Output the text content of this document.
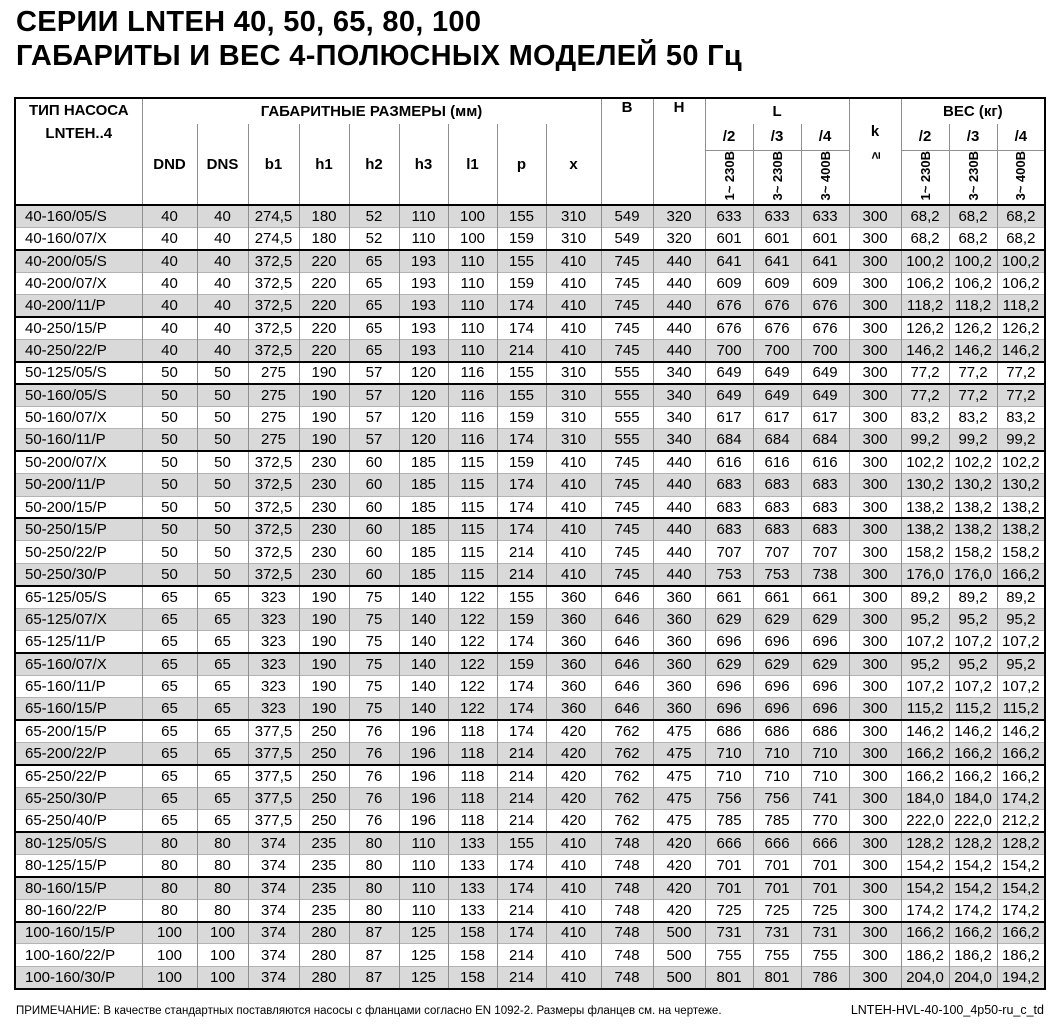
СЕРИИ LNTEH 40, 50, 65, 80, 100
ГАБАРИТЫ И ВЕС 4-ПОЛЮСНЫХ МОДЕЛЕЙ 50 Гц
ТИП НАСОСА
LNTEH..4
	ГАБАРИТНЫЕ РАЗМЕРЫ (мм)	B	H	L	
k
≥
	ВЕС (кг)
	DND	DNS	b1	h1	h2	h3	l1	p	x			/2	/3	/4		/2	/3	/4
												1~ 230В	3~ 230В	3~ 400В		1~ 230В	3~ 230В	3~ 400В
40-160/05/S	40	40	274,5	180	52	110	100	155	310	549	320	633	633	633	300	68,2	68,2	68,2
40-160/07/X	40	40	274,5	180	52	110	100	159	310	549	320	601	601	601	300	68,2	68,2	68,2
40-200/05/S	40	40	372,5	220	65	193	110	155	410	745	440	641	641	641	300	100,2	100,2	100,2
40-200/07/X	40	40	372,5	220	65	193	110	159	410	745	440	609	609	609	300	106,2	106,2	106,2
40-200/11/P	40	40	372,5	220	65	193	110	174	410	745	440	676	676	676	300	118,2	118,2	118,2
40-250/15/P	40	40	372,5	220	65	193	110	174	410	745	440	676	676	676	300	126,2	126,2	126,2
40-250/22/P	40	40	372,5	220	65	193	110	214	410	745	440	700	700	700	300	146,2	146,2	146,2
50-125/05/S	50	50	275	190	57	120	116	155	310	555	340	649	649	649	300	77,2	77,2	77,2
50-160/05/S	50	50	275	190	57	120	116	155	310	555	340	649	649	649	300	77,2	77,2	77,2
50-160/07/X	50	50	275	190	57	120	116	159	310	555	340	617	617	617	300	83,2	83,2	83,2
50-160/11/P	50	50	275	190	57	120	116	174	310	555	340	684	684	684	300	99,2	99,2	99,2
50-200/07/X	50	50	372,5	230	60	185	115	159	410	745	440	616	616	616	300	102,2	102,2	102,2
50-200/11/P	50	50	372,5	230	60	185	115	174	410	745	440	683	683	683	300	130,2	130,2	130,2
50-200/15/P	50	50	372,5	230	60	185	115	174	410	745	440	683	683	683	300	138,2	138,2	138,2
50-250/15/P	50	50	372,5	230	60	185	115	174	410	745	440	683	683	683	300	138,2	138,2	138,2
50-250/22/P	50	50	372,5	230	60	185	115	214	410	745	440	707	707	707	300	158,2	158,2	158,2
50-250/30/P	50	50	372,5	230	60	185	115	214	410	745	440	753	753	738	300	176,0	176,0	166,2
65-125/05/S	65	65	323	190	75	140	122	155	360	646	360	661	661	661	300	89,2	89,2	89,2
65-125/07/X	65	65	323	190	75	140	122	159	360	646	360	629	629	629	300	95,2	95,2	95,2
65-125/11/P	65	65	323	190	75	140	122	174	360	646	360	696	696	696	300	107,2	107,2	107,2
65-160/07/X	65	65	323	190	75	140	122	159	360	646	360	629	629	629	300	95,2	95,2	95,2
65-160/11/P	65	65	323	190	75	140	122	174	360	646	360	696	696	696	300	107,2	107,2	107,2
65-160/15/P	65	65	323	190	75	140	122	174	360	646	360	696	696	696	300	115,2	115,2	115,2
65-200/15/P	65	65	377,5	250	76	196	118	174	420	762	475	686	686	686	300	146,2	146,2	146,2
65-200/22/P	65	65	377,5	250	76	196	118	214	420	762	475	710	710	710	300	166,2	166,2	166,2
65-250/22/P	65	65	377,5	250	76	196	118	214	420	762	475	710	710	710	300	166,2	166,2	166,2
65-250/30/P	65	65	377,5	250	76	196	118	214	420	762	475	756	756	741	300	184,0	184,0	174,2
65-250/40/P	65	65	377,5	250	76	196	118	214	420	762	475	785	785	770	300	222,0	222,0	212,2
80-125/05/S	80	80	374	235	80	110	133	155	410	748	420	666	666	666	300	128,2	128,2	128,2
80-125/15/P	80	80	374	235	80	110	133	174	410	748	420	701	701	701	300	154,2	154,2	154,2
80-160/15/P	80	80	374	235	80	110	133	174	410	748	420	701	701	701	300	154,2	154,2	154,2
80-160/22/P	80	80	374	235	80	110	133	214	410	748	420	725	725	725	300	174,2	174,2	174,2
100-160/15/P	100	100	374	280	87	125	158	174	410	748	500	731	731	731	300	166,2	166,2	166,2
100-160/22/P	100	100	374	280	87	125	158	214	410	748	500	755	755	755	300	186,2	186,2	186,2
100-160/30/P	100	100	374	280	87	125	158	214	410	748	500	801	801	786	300	204,0	204,0	194,2
ПРИМЕЧАНИЕ: В качестве стандартных поставляются насосы с фланцами согласно EN 1092-2. Размеры фланцев см. на чертеже.	LNTEH-HVL-40-100_4p50-ru_c_td
